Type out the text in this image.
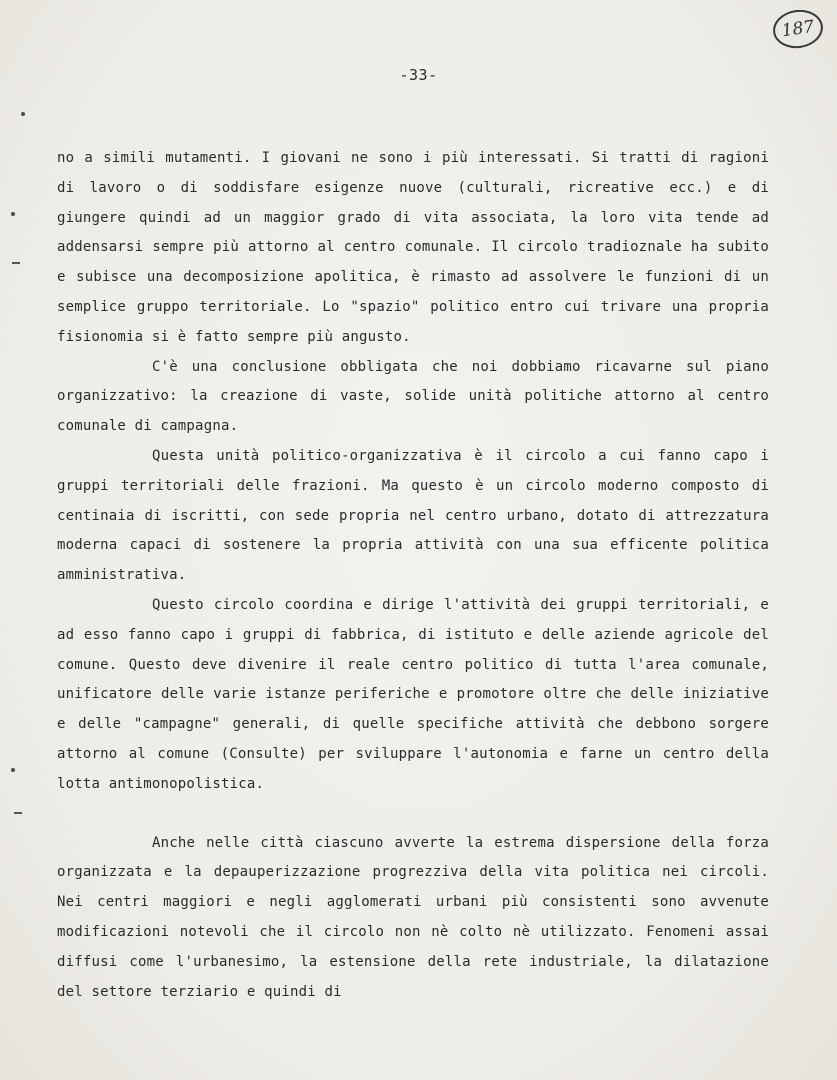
187
-33-

no a simili mutamenti. I giovani ne sono i più interessati. Si tratti di ragioni di lavoro o di soddisfare esigenze nuove (culturali, ricreative ecc.) e di giungere quindi ad un maggior grado di vita associata, la loro vita tende ad addensarsi sempre più attorno al centro comunale. Il circolo tradioznale ha subito e subisce una decomposizione apolitica, è rimasto ad assolvere le funzioni di un semplice gruppo territoriale. Lo "spazio" politico entro cui trivare una propria fisionomia si è fatto sempre più angusto.

C'è una conclusione obbligata che noi dobbiamo ricavarne sul piano organizzativo: la creazione di vaste, solide unità politiche attorno al centro comunale di campagna.

Questa unità politico-organizzativa è il circolo a cui fanno capo i gruppi territoriali delle frazioni. Ma questo è un circolo moderno composto di centinaia di iscritti, con sede propria nel centro urbano, dotato di attrezzatura moderna capaci di sostenere la propria attività con una sua efficente politica amministrativa.

Questo circolo coordina e dirige l'attività dei gruppi territoriali, e ad esso fanno capo i gruppi di fabbrica, di istituto e delle aziende agricole del comune. Questo deve divenire il reale centro politico di tutta l'area comunale, unificatore delle varie istanze periferiche e promotore oltre che delle iniziative e delle "campagne" generali, di quelle specifiche attività che debbono sorgere attorno al comune (Consulte) per sviluppare l'autonomia e farne un centro della lotta antimonopolistica.

Anche nelle città ciascuno avverte la estrema dispersione della forza organizzata e la depauperizzazione progrezziva della vita politica nei circoli. Nei centri maggiori e negli agglomerati urbani più consistenti sono avvenute modificazioni notevoli che il circolo non nè colto nè utilizzato. Fenomeni assai diffusi come l'urbanesimo, la estensione della rete industriale, la dilatazione del settore terziario e quindi di
